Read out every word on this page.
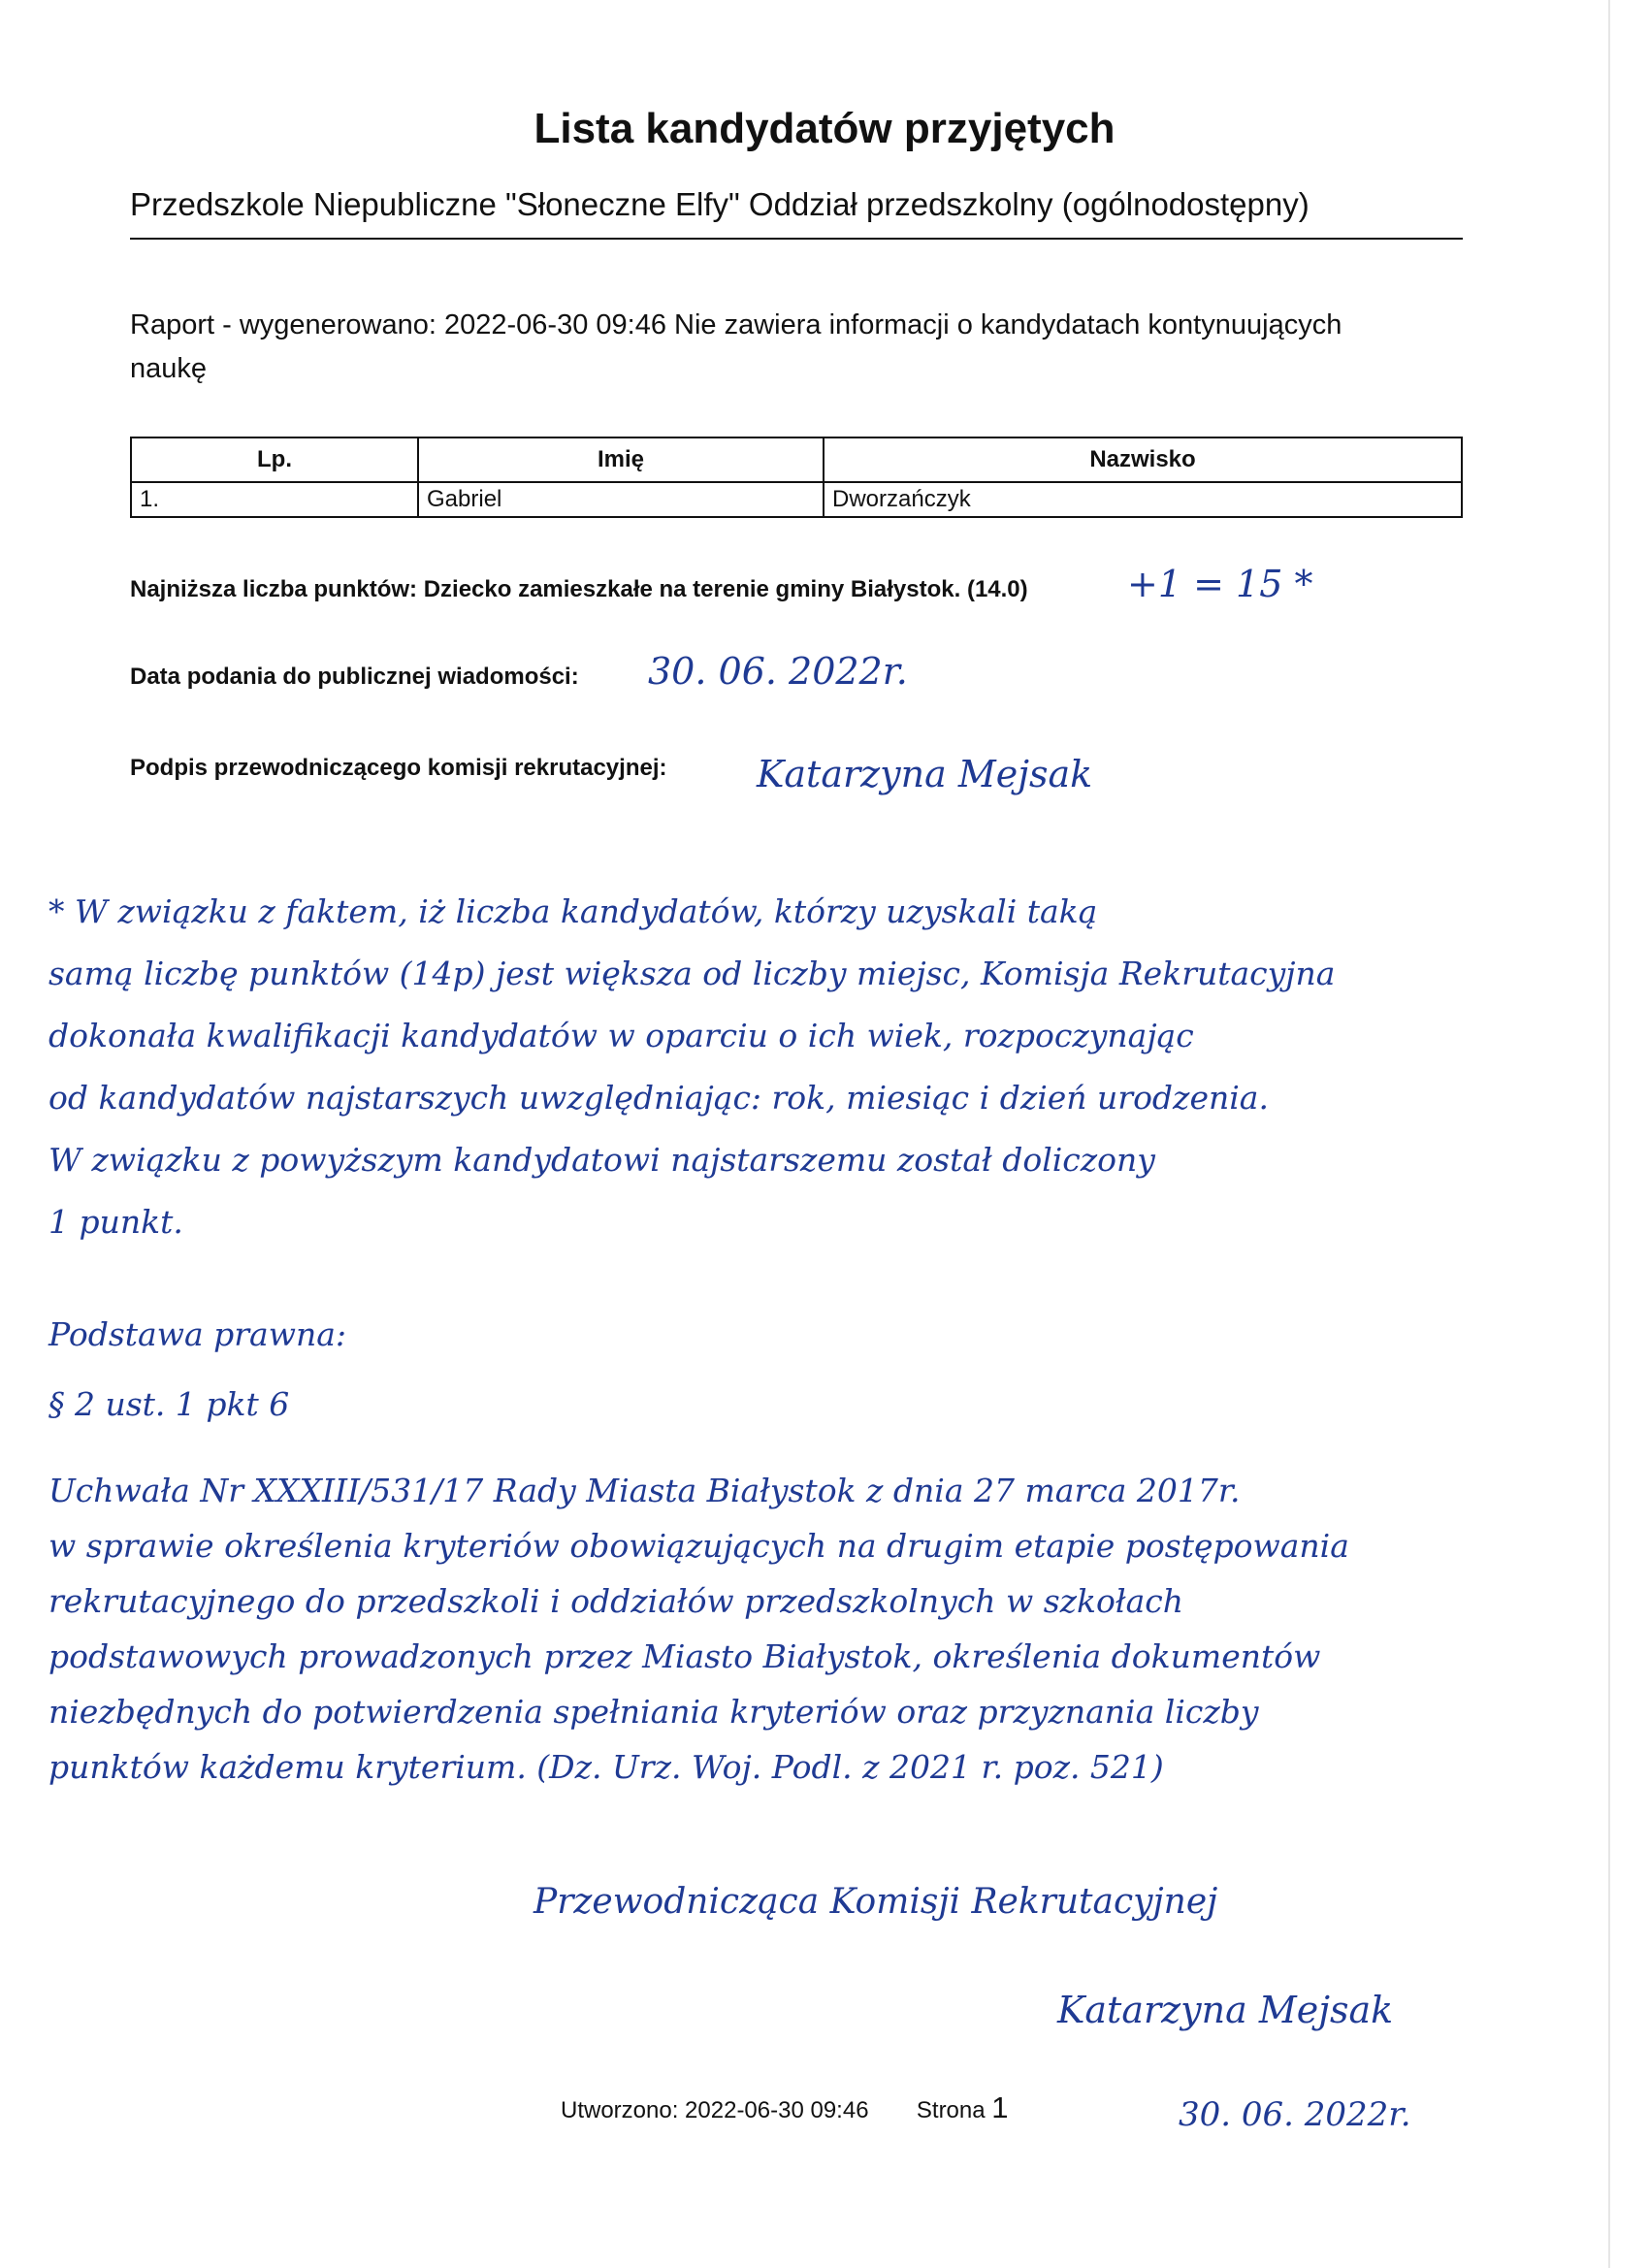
Lista kandydatów przyjętych
Przedszkole Niepubliczne "Słoneczne Elfy" Oddział przedszkolny (ogólnodostępny)
Raport - wygenerowano: 2022-06-30 09:46 Nie zawiera informacji o kandydatach kontynuujących
naukę
Lp.	Imię	Nazwisko
1.	Gabriel	Dworzańczyk
Najniższa liczba punktów: Dziecko zamieszkałe na terenie gminy Białystok. (14.0)	+1 = 15 *
Data podania do publicznej wiadomości: 30. 06. 2022r.
Podpis przewodniczącego komisji rekrutacyjnej: Katarzyna Mejsak

* W związku z faktem, iż liczba kandydatów, którzy uzyskali taką

samą liczbę punktów (14p) jest większa od liczby miejsc, Komisja Rekrutacyjna

dokonała kwalifikacji kandydatów w oparciu o ich wiek, rozpoczynając

od kandydatów najstarszych uwzględniając: rok, miesiąc i dzień urodzenia.

W związku z powyższym kandydatowi najstarszemu został doliczony

1 punkt.

Podstawa prawna:

§ 2 ust. 1 pkt 6

Uchwała Nr XXXIII/531/17 Rady Miasta Białystok z dnia 27 marca 2017r.

w sprawie określenia kryteriów obowiązujących na drugim etapie postępowania

rekrutacyjnego do przedszkoli i oddziałów przedszkolnych w szkołach

podstawowych prowadzonych przez Miasto Białystok, określenia dokumentów

niezbędnych do potwierdzenia spełniania kryteriów oraz przyznania liczby

punktów każdemu kryterium. (Dz. Urz. Woj. Podl. z 2021 r. poz. 521)

Przewodnicząca Komisji Rekrutacyjnej
Katarzyna Mejsak
30. 06. 2022r.
Utworzono: 2022-06-30 09:46 Strona 1
